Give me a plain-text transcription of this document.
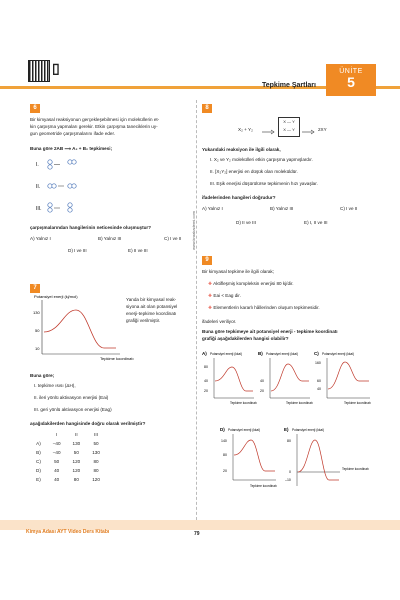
▯
Tepkime Şartları
ÜNİTE
5
www.kraakademi.com
6
Bir kimyasal reaksiyonun gerçekleşebilmesi için moleküllerin et-
kin çarpışma yapmaları gerekir. Etkin çarpışma taneciklerin uy-
gun geometride çarpışmalarını ifade eder.
Buna göre 2AB ⟶ A₂ + B₂ tepkimesi;
I.
II.
III.
çarpışmalarından hangilerinin neticesinde oluşmuştur?
A) Yalnız I	B) Yalnız III	C) I ve II
D) I ve III	E) II ve III
7
Potansiyel enerji (kj/mol)
130
50
10
Tepkime koordinatı
Yanda bir kimyasal reak-
siyona ait olan potansiyel
enerji-tepkime koordinatı
grafiği verilmiştir.
Buna göre;
I. tepkime ısısı (ΔH),
II. ileri yönlü aktivasyon enerjisi (Eai)
III. geri yönlü aktivasyon enerjisi (Eag)
aşağıdakilerden hangisinde doğru olarak verilmiştir?
	I	II	III
A)	–40	130	50
B)	–40	50	130
C)	50	120	80
D)	40	120	80
E)	40	80	120
8
X₂ + Y₂
X — Y
X — Y	2XY
Yukarıdaki reaksiyon ile ilgili olarak,
I. X₂ ve Y₂ molekülleri etkin çarpışma yapmışlardır.
II. [X₂Y₂] enerjisi en düşük olan moleküldür.
III. Eşik enerjisi düşürülürse tepkimenin hızı yavaşlar.
ifadelerinden hangileri doğrudur?
A) Yalnız I	B) Yalnız III	C) I ve II
D) II ve III	E) I, II ve III
9
Bir kimyasal tepkime ile ilgili olarak;
❖ Aktifleşmiş kompleksin enerjisi 80 kj/dir.
❖ Eai < Eag dir.
❖ Elementlerin kararlı hâllerinden oluşum tepkimesidir.
ifadeleri veriliyor.
Buna göre tepkimeye ait potansiyel enerji - tepkime koordinatı
grafiği aşağıdakilerden hangisi olabilir?
A) Potansiyel enerji (kkal)
80
40
20
Tepkime koordinatı
B) Potansiyel enerji (kkal)
40
20
Tepkime koordinatı
C) Potansiyel enerji (kkal)
160
60
40
Tepkime koordinatı
D) Potansiyel enerji (kkal)
140
80
20
Tepkime koordinatı
E) Potansiyel enerji (kkal)
80
0
–10
Tepkime koordinatı
Kimya Adası AYT Video Ders Kitabı	79
